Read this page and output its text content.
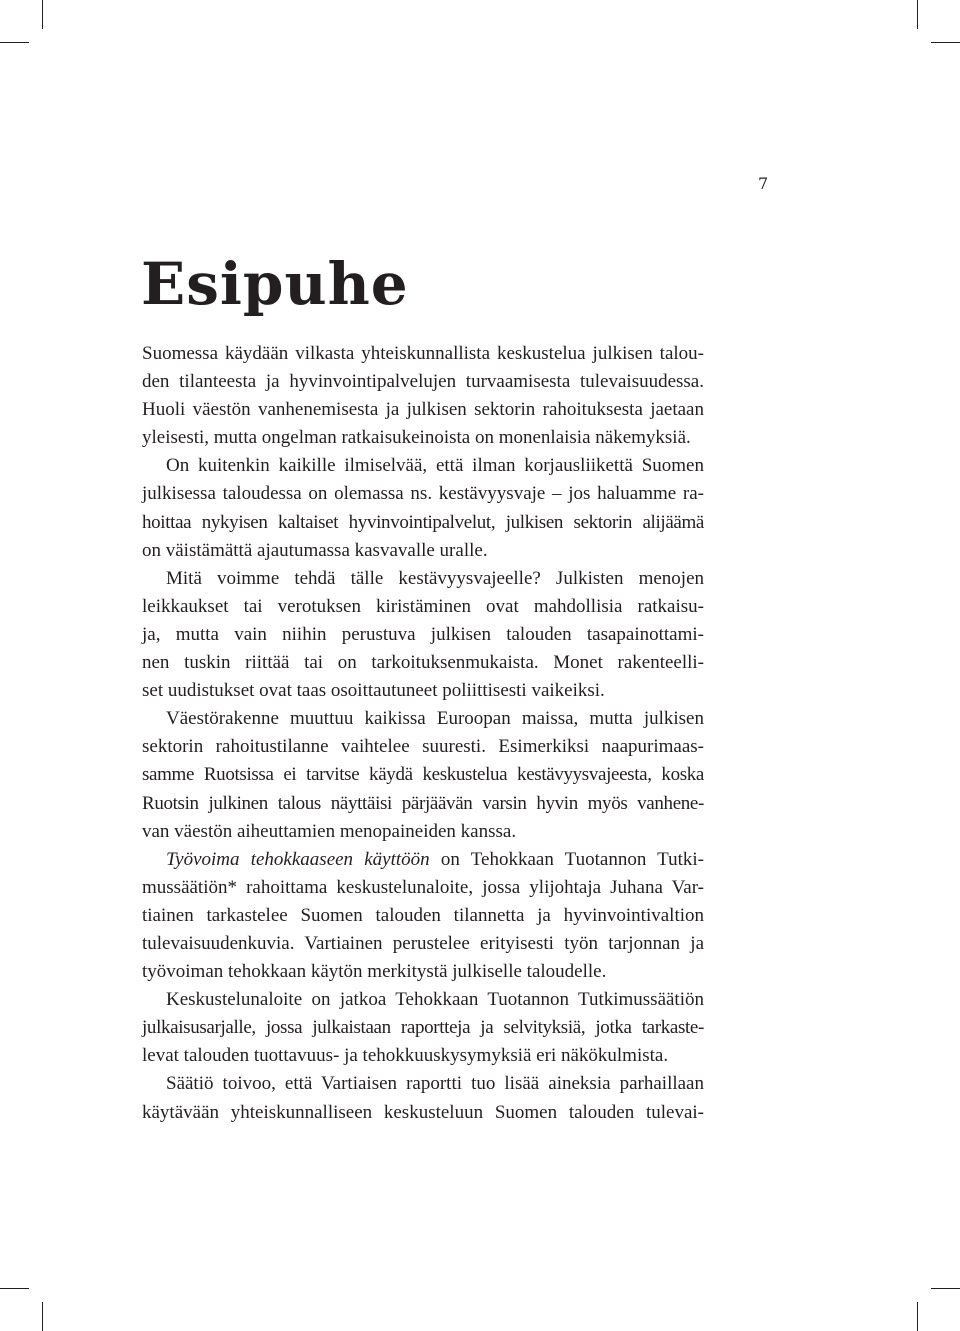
7
Esipuhe

Suomessa käydään vilkasta yhteiskunnallista keskustelua julkisen talou-
den tilanteesta ja hyvinvointipalvelujen turvaamisesta tulevaisuudessa.
Huoli väestön vanhenemisesta ja julkisen sektorin rahoituksesta jaetaan
yleisesti, mutta ongelman ratkaisukeinoista on monenlaisia näkemyksiä.

On kuitenkin kaikille ilmiselvää, että ilman korjausliikettä Suomen
julkisessa taloudessa on olemassa ns. kestävyysvaje – jos haluamme ra-
hoittaa nykyisen kaltaiset hyvinvointipalvelut, julkisen sektorin alijäämä
on väistämättä ajautumassa kasvavalle uralle.

Mitä voimme tehdä tälle kestävyysvajeelle? Julkisten menojen
leikkaukset tai verotuksen kiristäminen ovat mahdollisia ratkaisu-
ja, mutta vain niihin perustuva julkisen talouden tasapainottami-
nen tuskin riittää tai on tarkoituksenmukaista. Monet rakenteelli-
set uudistukset ovat taas osoittautuneet poliittisesti vaikeiksi.

Väestörakenne muuttuu kaikissa Euroopan maissa, mutta julkisen
sektorin rahoitustilanne vaihtelee suuresti. Esimerkiksi naapurimaas-
samme Ruotsissa ei tarvitse käydä keskustelua kestävyysvajeesta, koska
Ruotsin julkinen talous näyttäisi pärjäävän varsin hyvin myös vanhene-
van väestön aiheuttamien menopaineiden kanssa.

Työvoima tehokkaaseen käyttöön on Tehokkaan Tuotannon Tutki-
mussäätiön* rahoittama keskustelunaloite, jossa ylijohtaja Juhana Var-
tiainen tarkastelee Suomen talouden tilannetta ja hyvinvointivaltion
tulevaisuudenkuvia. Vartiainen perustelee erityisesti työn tarjonnan ja
työvoiman tehokkaan käytön merkitystä julkiselle taloudelle.

Keskustelunaloite on jatkoa Tehokkaan Tuotannon Tutkimussäätiön
julkaisusarjalle, jossa julkaistaan raportteja ja selvityksiä, jotka tarkaste-
levat talouden tuottavuus- ja tehokkuuskysymyksiä eri näkökulmista.

Säätiö toivoo, että Vartiaisen raportti tuo lisää aineksia parhaillaan
käytävään yhteiskunnalliseen keskusteluun Suomen talouden tulevai-
